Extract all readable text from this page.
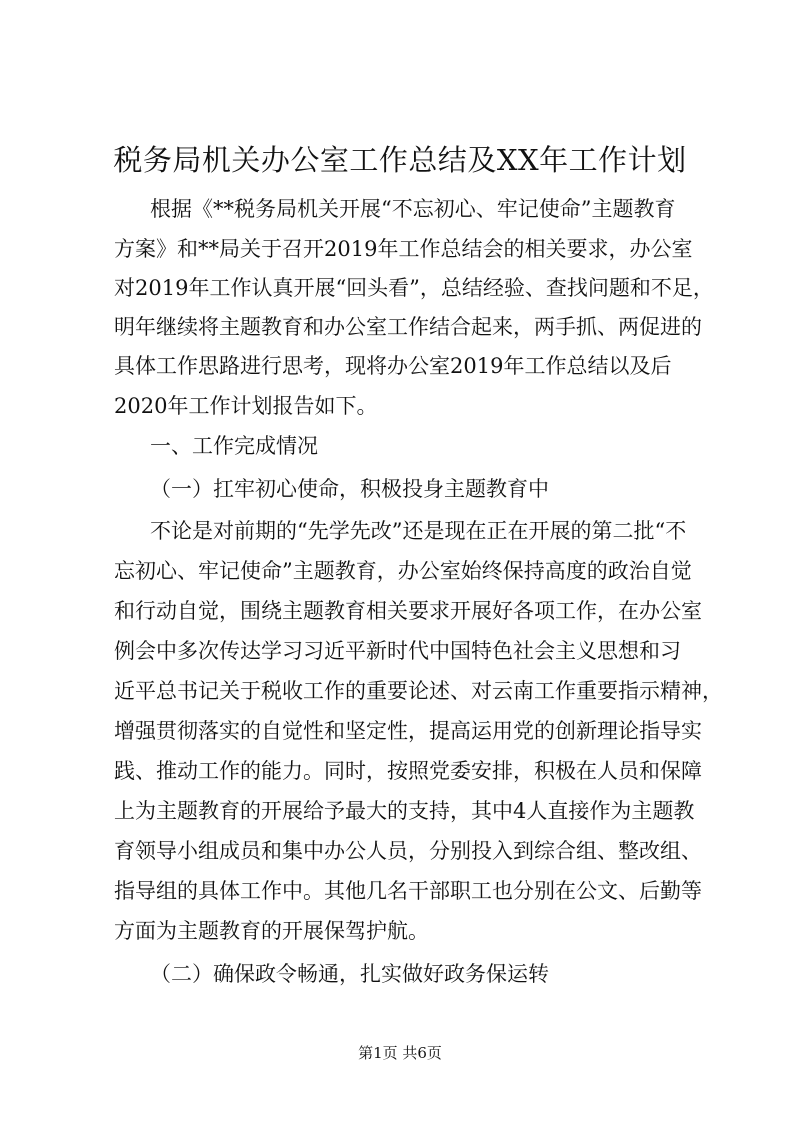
税务局机关办公室工作总结及XX年工作计划

根据《**税务局机关开展“不忘初心、牢记使命”主题教育

方案》和**局关于召开2019年工作总结会的相关要求，办公室

对2019年工作认真开展“回头看”，总结经验、查找问题和不足，

明年继续将主题教育和办公室工作结合起来，两手抓、两促进的

具体工作思路进行思考，现将办公室2019年工作总结以及后

2020年工作计划报告如下。

一、工作完成情况

（一）扛牢初心使命，积极投身主题教育中

不论是对前期的“先学先改”还是现在正在开展的第二批“不

忘初心、牢记使命”主题教育，办公室始终保持高度的政治自觉

和行动自觉，围绕主题教育相关要求开展好各项工作，在办公室

例会中多次传达学习习近平新时代中国特色社会主义思想和习

近平总书记关于税收工作的重要论述、对云南工作重要指示精神，

增强贯彻落实的自觉性和坚定性，提高运用党的创新理论指导实

践、推动工作的能力。同时，按照党委安排，积极在人员和保障

上为主题教育的开展给予最大的支持，其中4人直接作为主题教

育领导小组成员和集中办公人员，分别投入到综合组、整改组、

指导组的具体工作中。其他几名干部职工也分别在公文、后勤等

方面为主题教育的开展保驾护航。

（二）确保政令畅通，扎实做好政务保运转

第1页 共6页
